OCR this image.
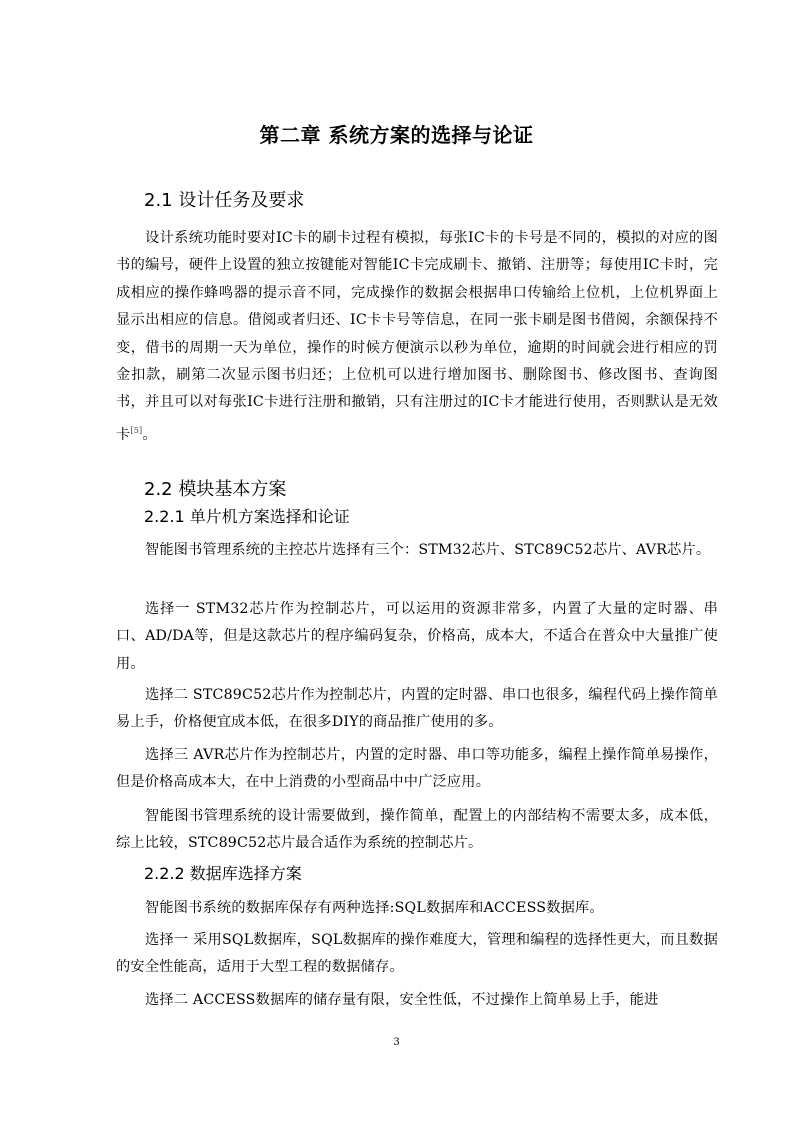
第二章 系统方案的选择与论证
2.1 设计任务及要求

设计系统功能时要对IC卡的刷卡过程有模拟，每张IC卡的卡号是不同的，模拟的对应的图书的编号，硬件上设置的独立按键能对智能IC卡完成刷卡、撤销、注册等；每使用IC卡时，完成相应的操作蜂鸣器的提示音不同，完成操作的数据会根据串口传输给上位机，上位机界面上显示出相应的信息。借阅或者归还、IC卡卡号等信息，在同一张卡刷是图书借阅，余额保持不变，借书的周期一天为单位，操作的时候方便演示以秒为单位，逾期的时间就会进行相应的罚金扣款，刷第二次显示图书归还；上位机可以进行增加图书、删除图书、修改图书、查询图书，并且可以对每张IC卡进行注册和撤销，只有注册过的IC卡才能进行使用，否则默认是无效卡[5]。

2.2 模块基本方案
2.2.1 单片机方案选择和论证

智能图书管理系统的主控芯片选择有三个：STM32芯片、STC89C52芯片、AVR芯片。

选择一 STM32芯片作为控制芯片，可以运用的资源非常多，内置了大量的定时器、串口、AD/DA等，但是这款芯片的程序编码复杂，价格高，成本大，不适合在普众中大量推广使用。

选择二 STC89C52芯片作为控制芯片，内置的定时器、串口也很多，编程代码上操作简单易上手，价格便宜成本低，在很多DIY的商品推广使用的多。

选择三 AVR芯片作为控制芯片，内置的定时器、串口等功能多，编程上操作简单易操作，但是价格高成本大，在中上消费的小型商品中中广泛应用。

智能图书管理系统的设计需要做到，操作简单，配置上的内部结构不需要太多，成本低，综上比较，STC89C52芯片最合适作为系统的控制芯片。

2.2.2 数据库选择方案

智能图书系统的数据库保存有两种选择:SQL数据库和ACCESS数据库。

选择一 采用SQL数据库，SQL数据库的操作难度大，管理和编程的选择性更大，而且数据的安全性能高，适用于大型工程的数据储存。

选择二 ACCESS数据库的储存量有限，安全性低，不过操作上简单易上手，能进

3
